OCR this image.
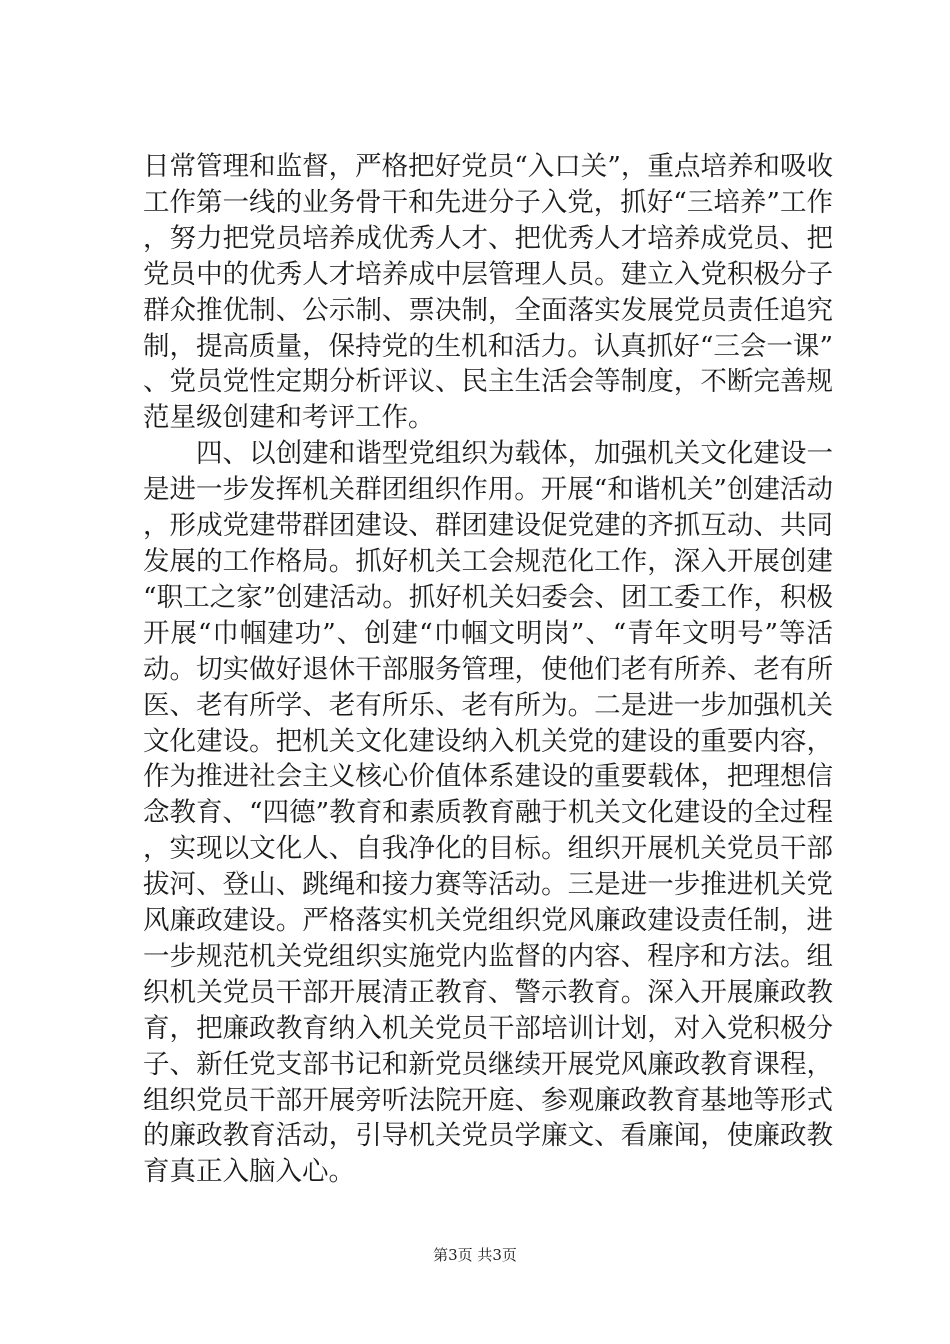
日常管理和监督，严格把好党员“入口关”，重点培养和吸收工作第一线的业务骨干和先进分子入党，抓好“三培养”工作，努力把党员培养成优秀人才、把优秀人才培养成党员、把党员中的优秀人才培养成中层管理人员。建立入党积极分子群众推优制、公示制、票决制，全面落实发展党员责任追究制，提高质量，保持党的生机和活力。认真抓好“三会一课”、党员党性定期分析评议、民主生活会等制度，不断完善规范星级创建和考评工作。

四、以创建和谐型党组织为载体，加强机关文化建设一是进一步发挥机关群团组织作用。开展“和谐机关”创建活动，形成党建带群团建设、群团建设促党建的齐抓互动、共同发展的工作格局。抓好机关工会规范化工作，深入开展创建“职工之家”创建活动。抓好机关妇委会、团工委工作，积极开展“巾帼建功”、创建“巾帼文明岗”、“青年文明号”等活动。切实做好退休干部服务管理，使他们老有所养、老有所医、老有所学、老有所乐、老有所为。二是进一步加强机关文化建设。把机关文化建设纳入机关党的建设的重要内容，作为推进社会主义核心价值体系建设的重要载体，把理想信念教育、“四德”教育和素质教育融于机关文化建设的全过程，实现以文化人、自我净化的目标。组织开展机关党员干部拔河、登山、跳绳和接力赛等活动。三是进一步推进机关党风廉政建设。严格落实机关党组织党风廉政建设责任制，进一步规范机关党组织实施党内监督的内容、程序和方法。组织机关党员干部开展清正教育、警示教育。深入开展廉政教育，把廉政教育纳入机关党员干部培训计划，对入党积极分子、新任党支部书记和新党员继续开展党风廉政教育课程，组织党员干部开展旁听法院开庭、参观廉政教育基地等形式的廉政教育活动，引导机关党员学廉文、看廉闻，使廉政教育真正入脑入心。

第3页 共3页
